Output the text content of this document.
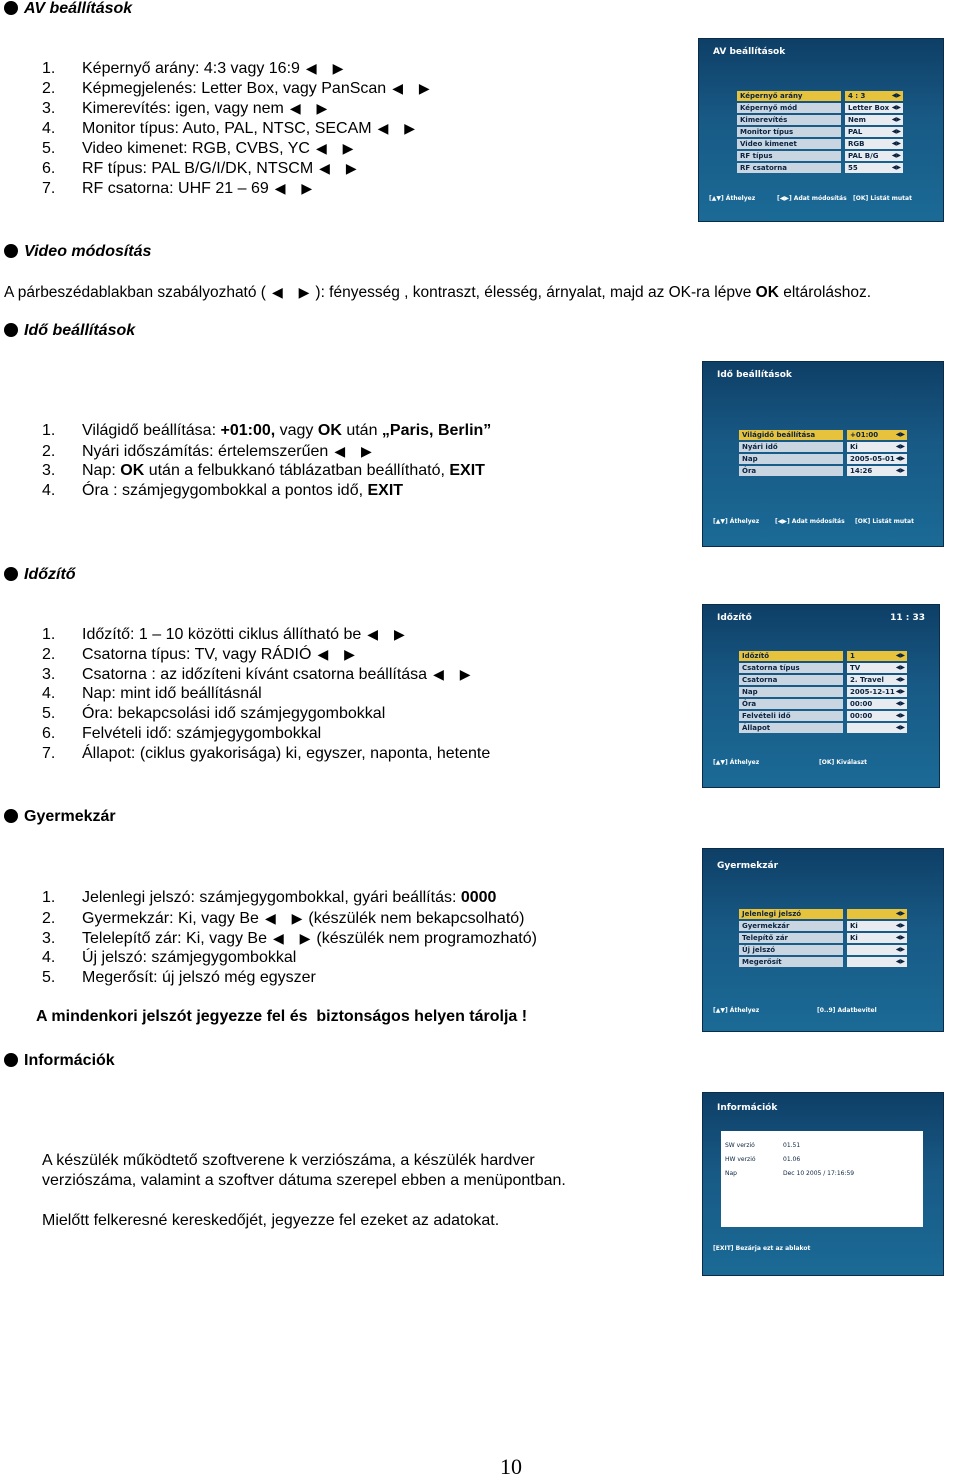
AV beállítások
1. Képernyő arány: 4:3 vagy 16:9 ◀ ▶
2. Képmegjelenés: Letter Box, vagy PanScan ◀ ▶
3. Kimerevítés: igen, vagy nem ◀ ▶
4. Monitor típus: Auto, PAL, NTSC, SECAM ◀ ▶
5. Video kimenet: RGB, CVBS, YC ◀ ▶
6. RF típus: PAL B/G/I/DK, NTSCM ◀ ▶
7. RF csatorna: UHF 21 – 69 ◀ ▶
AV beállítások
Képernyő arány	4 : 3	◀▶
Képernyő mód	Letter Box ◀▶
Kimerevítés	Nem	◀▶
Monitor típus	PAL	◀▶
Video kimenet	RGB	◀▶
RF típus	PAL B/G ◀▶
RF csatorna	55	◀▶
[▲▼] Áthelyez	[◀▶] Adat módosítás [OK] Listát mutat
Video módosítás
A párbeszédablakban szabályozható ( ◀ ▶): fényesség , kontraszt, élesség, árnyalat, majd az OK-ra lépve OK eltároláshoz.
Idő beállítások
1. Világidő beállítása: +01:00, vagy OK után „Paris, Berlin”
2. Nyári időszámítás: értelemszerűen ◀ ▶
3. Nap: OK után a felbukkanó táblázatban beállítható, EXIT
4. Óra : számjegygombokkal a pontos idő, EXIT
Idő beállítások
Világidő beállítása	+01:00	◀▶
Nyári idő	Ki	◀▶
Nap	2005-05-01 ◀▶
Óra	14:26	◀▶
[▲▼] Áthelyez	[◀▶] Adat módosítás [OK] Listát mutat
Időzítő
1. Időzítő: 1 – 10 közötti ciklus állítható be ◀ ▶
2. Csatorna típus: TV, vagy RÁDIÓ ◀ ▶
3. Csatorna : az időzíteni kívánt csatorna beállítása ◀ ▶
4. Nap: mint idő beállításnál
5. Óra: bekapcsolási idő számjegygombokkal
6. Felvételi idő: számjegygombokkal
7. Állapot: (ciklus gyakorisága) ki, egyszer, naponta, hetente
Időzítő	11 : 33
Időzítő	1	◀▶
Csatorna típus	TV	◀▶
Csatorna	2. Travel ◀▶
Nap	2005-12-11 ◀▶
Óra	00:00	◀▶
Felvételi idő	00:00	◀▶
Állapot	◀▶
[▲▼] Áthelyez	[OK] Kiválaszt
Gyermekzár
1. Jelenlegi jelszó: számjegygombokkal, gyári beállítás: 0000
2. Gyermekzár: Ki, vagy Be ◀ ▶(készülék nem bekapcsolható)
3. Telelepítő zár: Ki, vagy Be ◀ ▶(készülék nem programozható)
4. Új jelszó: számjegygombokkal
5. Megerősít: új jelszó még egyszer
A mindenkori jelszót jegyezze fel és  biztonságos helyen tárolja !
Gyermekzár
Jelenlegi jelszó	◀▶
Gyermekzár	Ki	◀▶
Telepítő zár	Ki	◀▶
Új jelszó	◀▶
Megerősít	◀▶
[▲▼] Áthelyez	[0..9] Adatbevitel
Információk
A készülék működtető szoftverene k verziószáma, a készülék hardver verziószáma, valamint a szoftver dátuma szerepel ebben a menüpontban.
Mielőtt felkeresné kereskedőjét, jegyezze fel ezeket az adatokat.
Információk
SW verzió	01.51
HW verzió	01.06
Nap	Dec 10 2005 / 17:16:59
[EXIT] Bezárja ezt az ablakot
10
